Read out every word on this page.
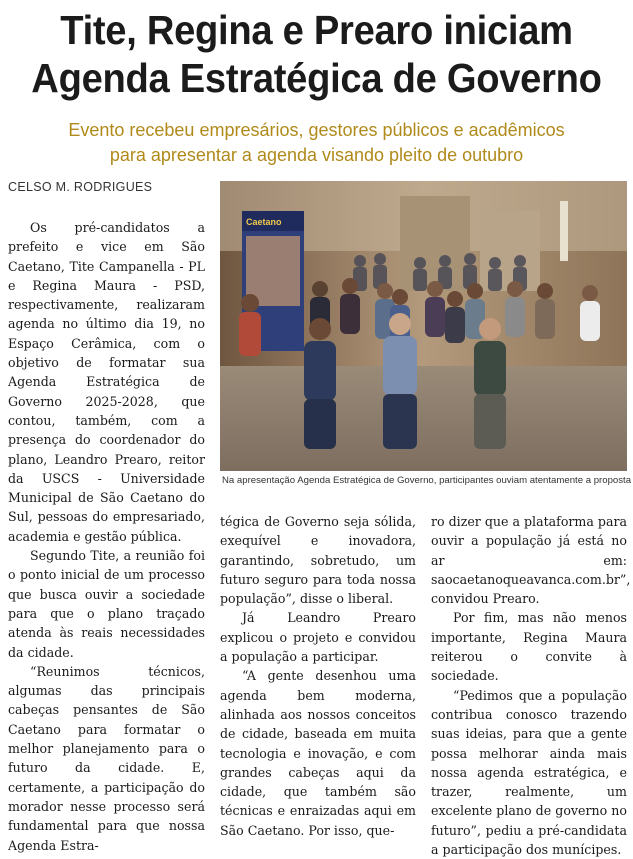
Tite, Regina e Prearo iniciam
Agenda Estratégica de Governo
Evento recebeu empresários, gestores públicos e acadêmicos
para apresentar a agenda visando pleito de outubro
CELSO M. RODRIGUES

Os pré-candidatos a prefeito e vice em São Caetano, Tite Campanella - PL e Regina Maura - PSD, respectivamente, realizaram agenda no último dia 19, no Espaço Cerâmica, com o objetivo de formatar sua Agenda Estratégica de Governo 2025-2028, que contou, também, com a presença do coordenador do plano, Leandro Prearo, reitor da USCS - Universidade Municipal de São Caetano do Sul, pessoas do empresariado, academia e gestão pública.

Segundo Tite, a reunião foi o ponto inicial de um processo que busca ouvir a sociedade para que o plano traçado atenda às reais necessidades da cidade.

“Reunimos técnicos, algumas das principais cabeças pensantes de São Caetano para formatar o melhor planejamento para o futuro da cidade. E, certamente, a participação do morador nesse processo será fundamental para que nossa Agenda Estra-

Caetano
Na apresentação Agenda Estratégica de Governo, participantes ouviam atentamente a proposta

tégica de Governo seja sólida, exequível e inovadora, garantindo, sobretudo, um futuro seguro para toda nossa população”, disse o liberal.

Já Leandro Prearo explicou o projeto e convidou a população a participar.

“A gente desenhou uma agenda bem moderna, alinhada aos nossos conceitos de cidade, baseada em muita tecnologia e inovação, e com grandes cabeças aqui da cidade, que também são técnicas e enraizadas aqui em São Caetano. Por isso, que-

ro dizer que a plataforma para ouvir a população já está no ar em: saocaetanoqueavanca.com.br”, convidou Prearo.

Por fim, mas não menos importante, Regina Maura reiterou o convite à sociedade.

“Pedimos que a população contribua conosco trazendo suas ideias, para que a gente possa melhorar ainda mais nossa agenda estratégica, e trazer, realmente, um excelente plano de governo no futuro”, pediu a pré-candidata a participação dos munícipes.
